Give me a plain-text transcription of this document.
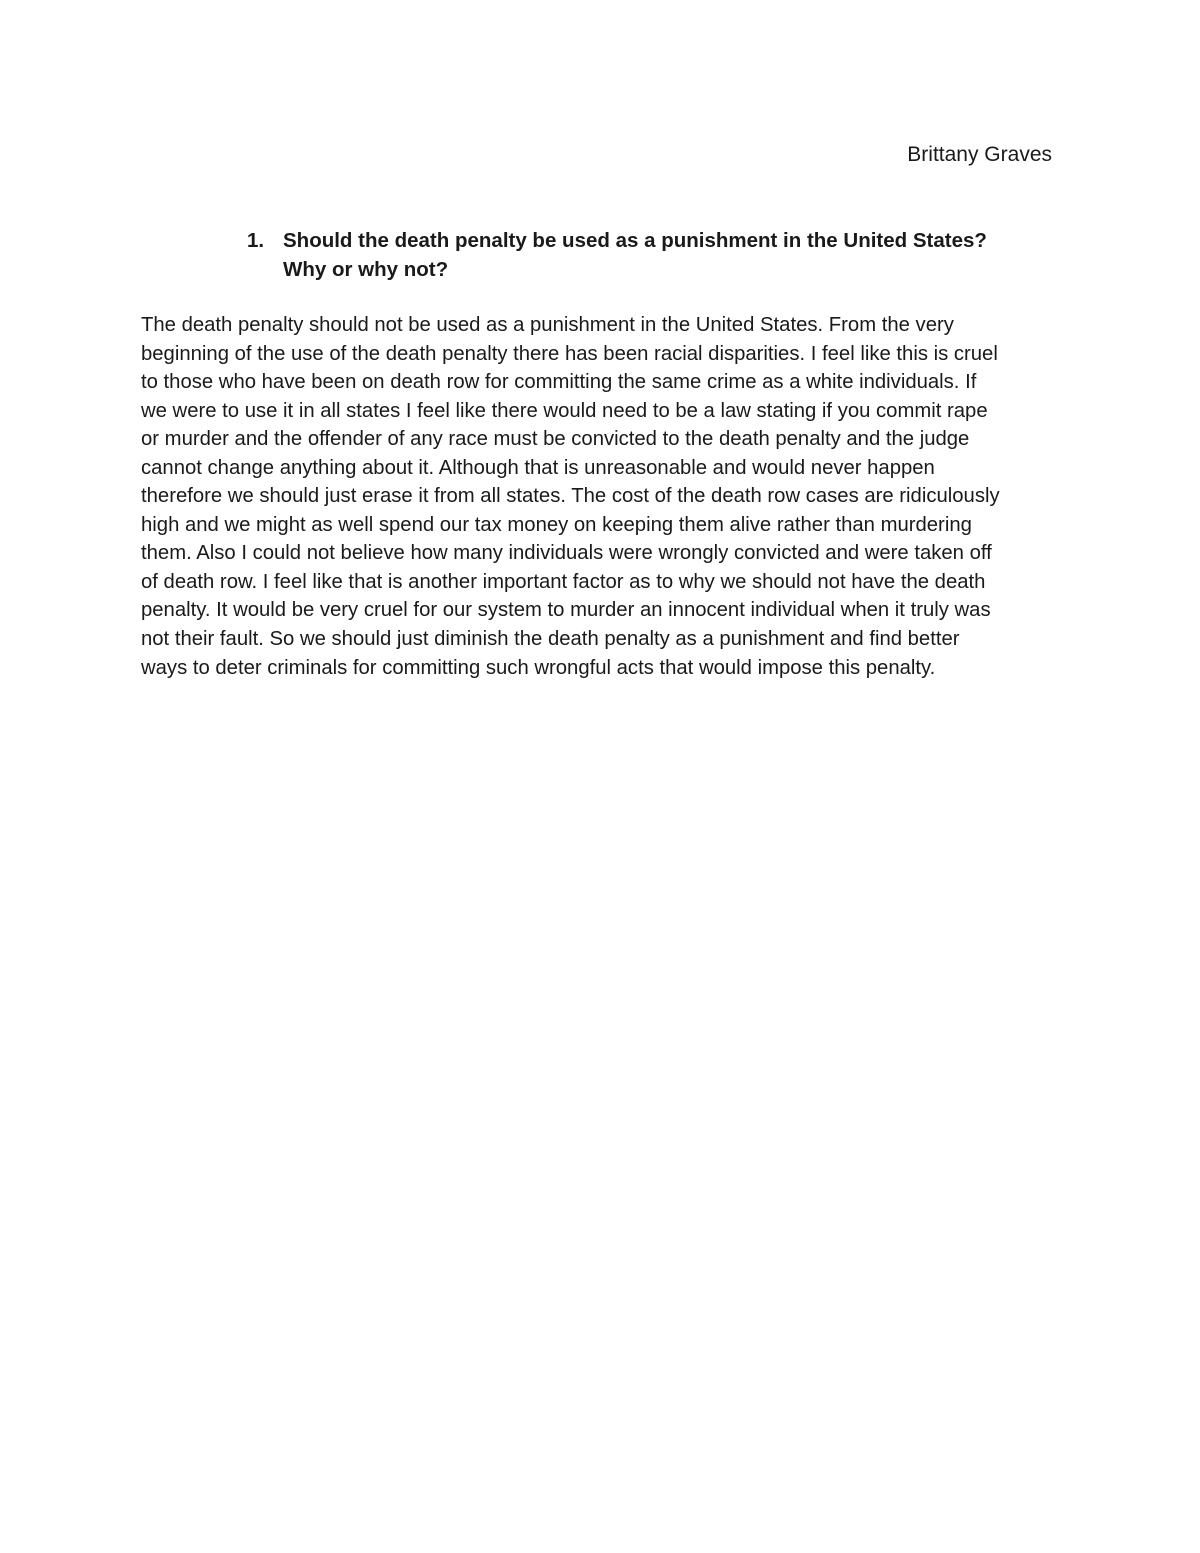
Brittany Graves
1. Should the death penalty be used as a punishment in the United States?
Why or why not?
The death penalty should not be used as a punishment in the United States. From the very
beginning of the use of the death penalty there has been racial disparities. I feel like this is cruel
to those who have been on death row for committing the same crime as a white individuals. If
we were to use it in all states I feel like there would need to be a law stating if you commit rape
or murder and the offender of any race must be convicted to the death penalty and the judge
cannot change anything about it. Although that is unreasonable and would never happen
therefore we should just erase it from all states. The cost of the death row cases are ridiculously
high and we might as well spend our tax money on keeping them alive rather than murdering
them. Also I could not believe how many individuals were wrongly convicted and were taken off
of death row. I feel like that is another important factor as to why we should not have the death
penalty. It would be very cruel for our system to murder an innocent individual when it truly was
not their fault. So we should just diminish the death penalty as a punishment and find better
ways to deter criminals for committing such wrongful acts that would impose this penalty.
